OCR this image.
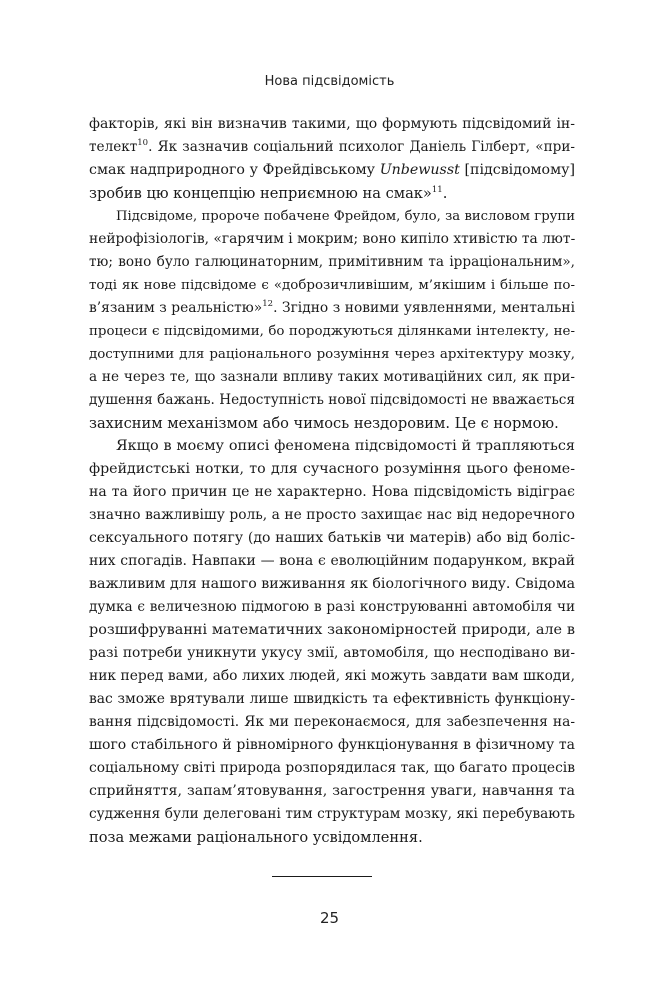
Нова підсвідомість

факторів, які він визначив такими, що формують підсвідомий ін-
телект$^{10}$. Як зазначив соціальний психолог Даніель Гілберт, «при-
смак надприродного у Фрейдівському Unbewusst [підсвідомому]
зробив цю концепцію неприємною на смак»$^{11}$.

Підсвідоме, пророче побачене Фрейдом, було, за висловом групи
нейрофізіологів, «гарячим і мокрим; воно кипіло хтивістю та лют-
тю; воно було галюцинаторним, примітивним та ірраціональним»,
тоді як нове підсвідоме є «доброзичливішим, м’якішим і більше по-
в’язаним з реальністю»$^{12}$. Згідно з новими уявленнями, ментальні
процеси є підсвідомими, бо породжуються ділянками інтелекту, не-
доступними для раціонального розуміння через архітектуру мозку,
а не через те, що зазнали впливу таких мотиваційних сил, як при-
душення бажань. Недоступність нової підсвідомості не вважається
захисним механізмом або чимось нездоровим. Це є нормою.

Якщо в моєму описі феномена підсвідомості й трапляються
фрейдистські нотки, то для сучасного розуміння цього феноме-
на та його причин це не характерно. Нова підсвідомість відіграє
значно важливішу роль, а не просто захищає нас від недоречного
сексуального потягу (до наших батьків чи матерів) або від боліс-
них спогадів. Навпаки — вона є еволюційним подарунком, вкрай
важливим для нашого виживання як біологічного виду. Свідома
думка є величезною підмогою в разі конструюванні автомобіля чи
розшифруванні математичних закономірностей природи, але в
разі потреби уникнути укусу змії, автомобіля, що несподівано ви-
ник перед вами, або лихих людей, які можуть завдати вам шкоди,
вас зможе врятували лише швидкість та ефективність функціону-
вання підсвідомості. Як ми переконаємося, для забезпечення на-
шого стабільного й рівномірного функціонування в фізичному та
соціальному світі природа розпорядилася так, що багато процесів
сприйняття, запам’ятовування, загострення уваги, навчання та
судження були делеговані тим структурам мозку, які перебувають
поза межами раціонального усвідомлення.

25
